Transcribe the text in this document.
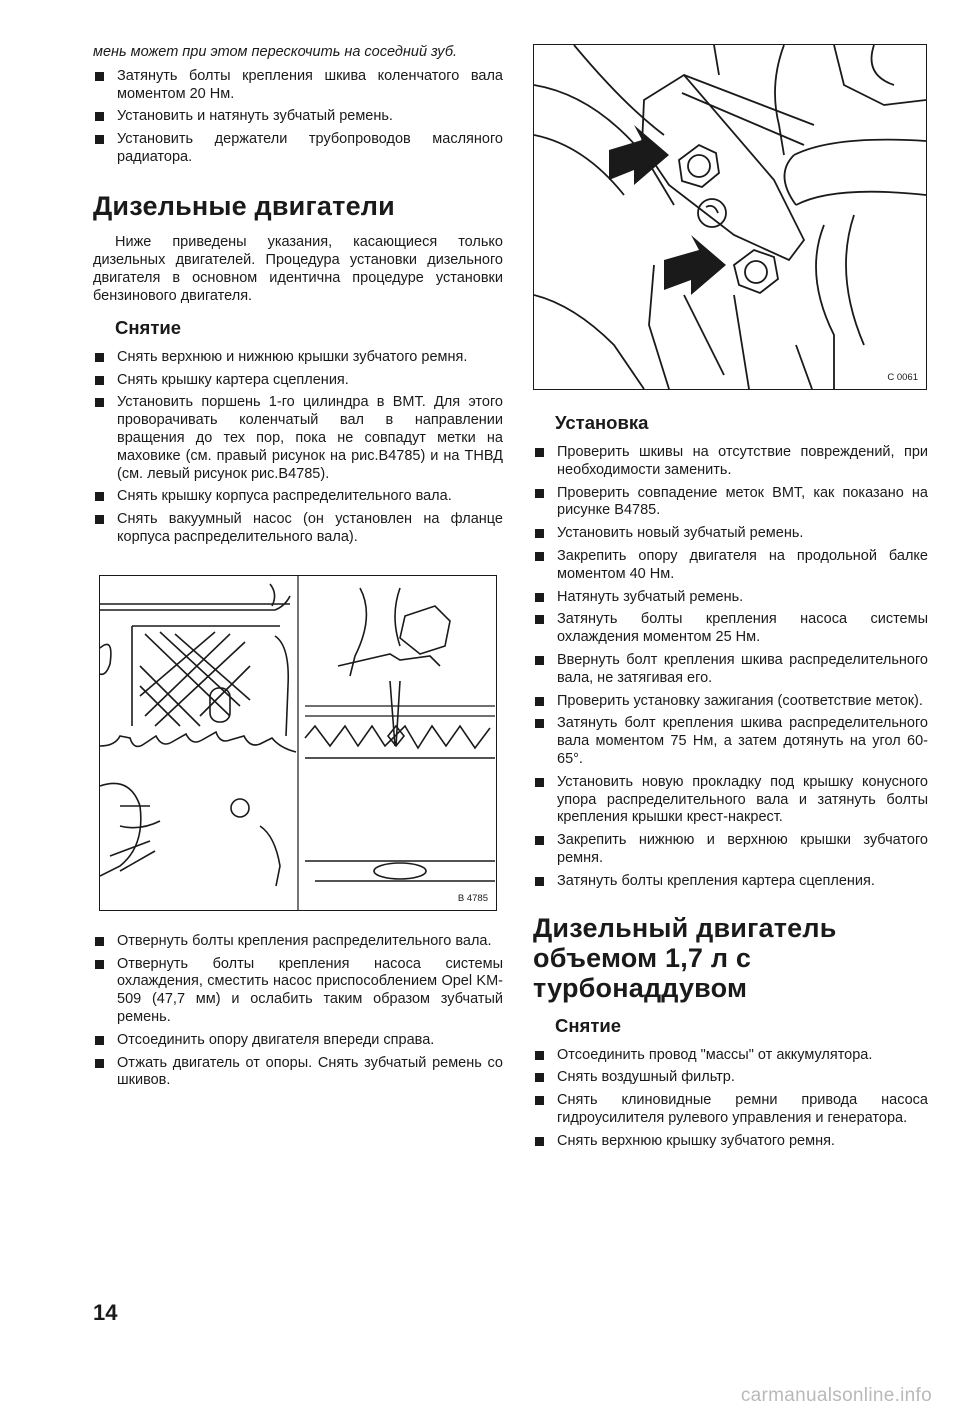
мень может при этом перескочить на соседний зуб.

Затянуть болты крепления шкива коленчатого вала моментом 20 Нм.
Установить и натянуть зубчатый ремень.
Установить держатели трубопроводов масляного радиатора.
Дизельные двигатели

Ниже приведены указания, касающиеся только дизельных двигателей. Процедура установки дизельного двигателя в основном идентична процедуре установки бензинового двигателя.

Снятие
Снять верхнюю и нижнюю крышки зубчатого ремня.
Снять крышку картера сцепления.
Установить поршень 1-го цилиндра в ВМТ. Для этого проворачивать коленчатый вал в направлении вращения до тех пор, пока не совпадут метки на маховике (см. правый рисунок на рис.В4785) и на ТНВД (см. левый рисунок рис.В4785).
Снять крышку корпуса распределительного вала.
Снять вакуумный насос (он установлен на фланце корпуса распределительного вала).
В 4785
Отвернуть болты крепления распределительного вала.
Отвернуть болты крепления насоса системы охлаждения, сместить насос приспособлением Opel KM-509 (47,7 мм) и ослабить таким образом зубчатый ремень.
Отсоединить опору двигателя впереди справа.
Отжать двигатель от опоры. Снять зубчатый ремень со шкивов.
C 0061
Установка
Проверить шкивы на отсутствие повреждений, при необходимости заменить.
Проверить совпадение меток ВМТ, как показано на рисунке В4785.
Установить новый зубчатый ремень.
Закрепить опору двигателя на продольной балке моментом 40 Нм.
Натянуть зубчатый ремень.
Затянуть болты крепления насоса системы охлаждения моментом 25 Нм.
Ввернуть болт крепления шкива распределительного вала, не затягивая его.
Проверить установку зажигания (соответствие меток).
Затянуть болт крепления шкива распределительного вала моментом 75 Нм, а затем дотянуть на угол 60-65°.
Установить новую прокладку под крышку конусного упора распределительного вала и затянуть болты крепления крышки крест-накрест.
Закрепить нижнюю и верхнюю крышки зубчатого ремня.
Затянуть болты крепления картера сцепления.
Дизельный двигатель объемом 1,7 л с турбонаддувом
Снятие
Отсоединить провод "массы" от аккумулятора.
Снять воздушный фильтр.
Снять клиновидные ремни привода насоса гидроусилителя рулевого управления и генератора.
Снять верхнюю крышку зубчатого ремня.
14
carmanualsonline.info
